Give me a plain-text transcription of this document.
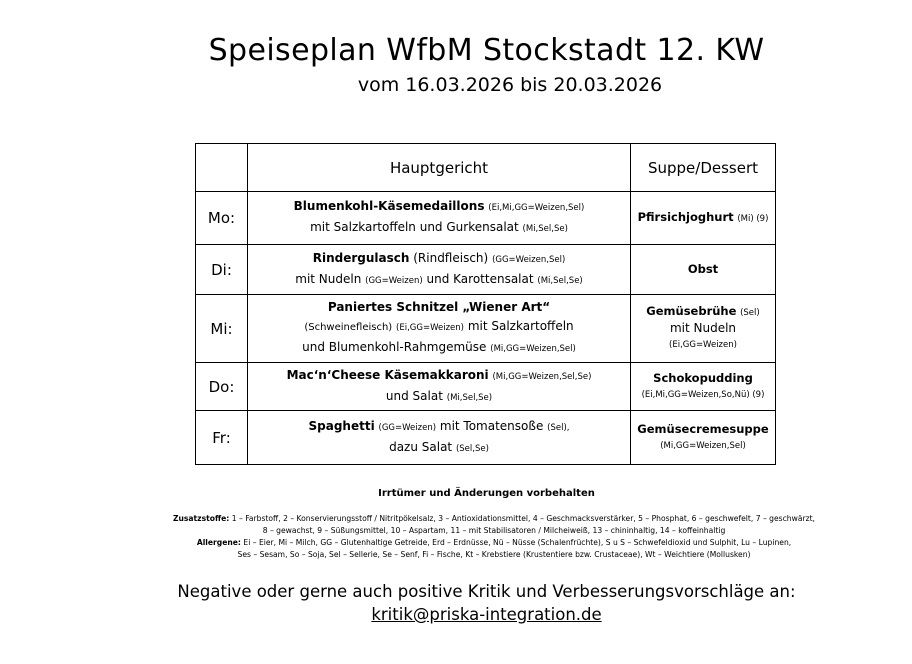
Speiseplan WfbM Stockstadt 12. KW
vom 16.03.2026 bis 20.03.2026
	Hauptgericht	Suppe/Dessert
Mo:	Blumenkohl-Käsemedaillons (Ei,Mi,GG=Weizen,Sel)
mit Salzkartoffeln und Gurkensalat (Mi,Sel,Se)	Pfirsichjoghurt (Mi) (9)
Di:	Rindergulasch (Rindfleisch) (GG=Weizen,Sel)
mit Nudeln (GG=Weizen) und Karottensalat (Mi,Sel,Se)	Obst
Mi:	Paniertes Schnitzel „Wiener Art“
(Schweinefleisch) (Ei,GG=Weizen) mit Salzkartoffeln
und Blumenkohl-Rahmgemüse (Mi,GG=Weizen,Sel)	Gemüsebrühe (Sel)
mit Nudeln
(Ei,GG=Weizen)
Do:	Mac‘n‘Cheese Käsemakkaroni (Mi,GG=Weizen,Sel,Se)
und Salat (Mi,Sel,Se)	Schokopudding
(Ei,Mi,GG=Weizen,So,Nü) (9)
Fr:	Spaghetti (GG=Weizen) mit Tomatensoße (Sel),
dazu Salat (Sel,Se)	Gemüsecremesuppe
(Mi,GG=Weizen,Sel)
Irrtümer und Änderungen vorbehalten
Zusatzstoffe: 1 – Farbstoff, 2 – Konservierungsstoff / Nitritpökelsalz, 3 – Antioxidationsmittel, 4 – Geschmacksverstärker, 5 – Phosphat, 6 – geschwefelt, 7 – geschwärzt,
8 – gewachst, 9 – Süßungsmittel, 10 – Aspartam, 11 – mit Stabilisatoren / Milcheiweiß, 13 – chininhaltig, 14 – koffeinhaltig
Allergene: Ei – Eier, Mi – Milch, GG – Glutenhaltige Getreide, Erd – Erdnüsse, Nü – Nüsse (Schalenfrüchte), S u S – Schwefeldioxid und Sulphit, Lu – Lupinen,
Ses – Sesam, So – Soja, Sel – Sellerie, Se – Senf, Fi – Fische, Kt – Krebstiere (Krustentiere bzw. Crustaceae), Wt – Weichtiere (Mollusken)
Negative oder gerne auch positive Kritik und Verbesserungsvorschläge an:
kritik@priska-integration.de
